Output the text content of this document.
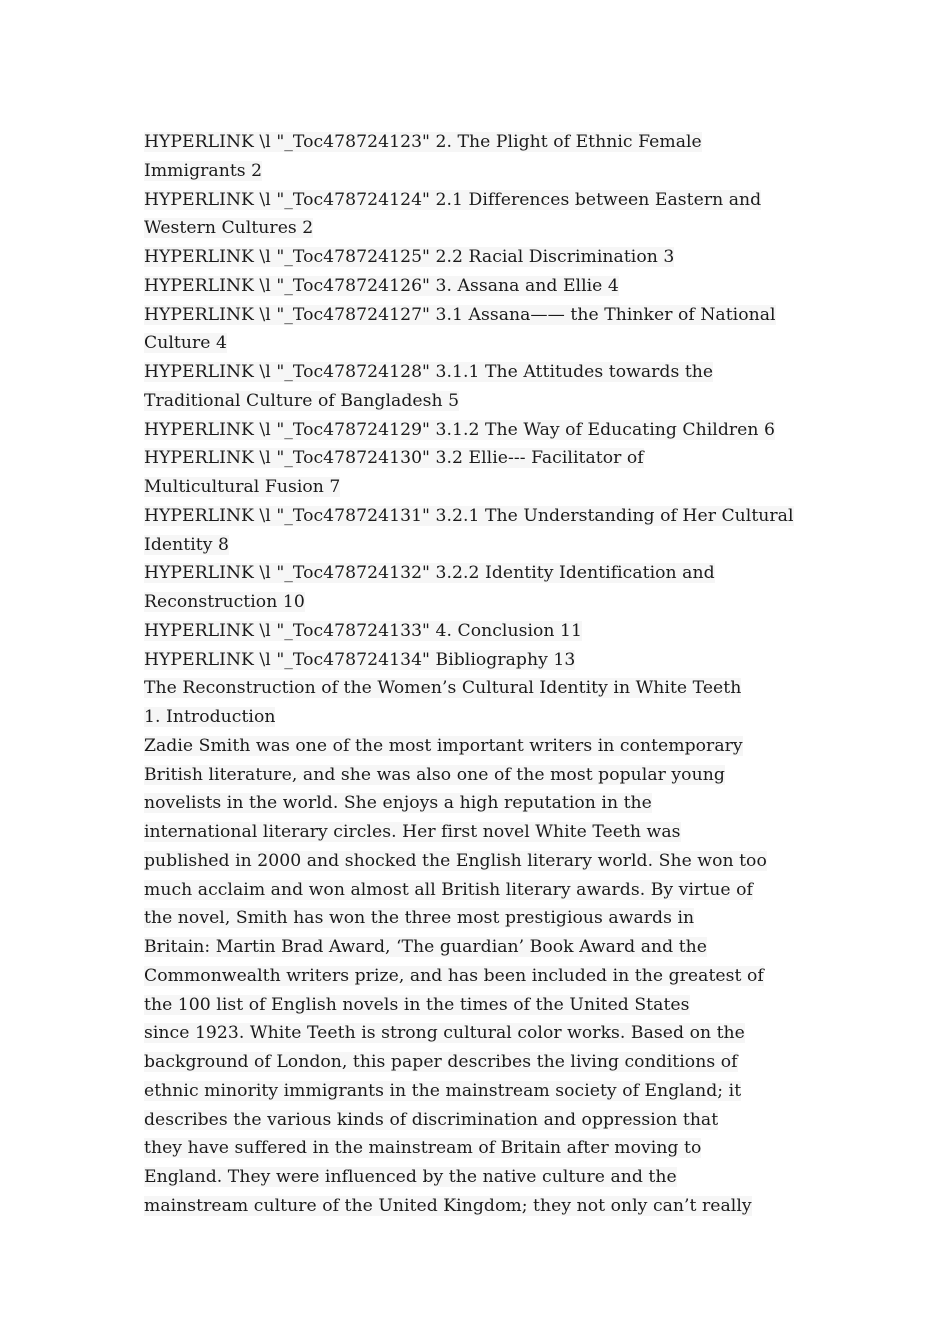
HYPERLINK \l "_Toc478724123" 2. The Plight of Ethnic Female
Immigrants 2
HYPERLINK \l "_Toc478724124" 2.1 Differences between Eastern and
Western Cultures 2
HYPERLINK \l "_Toc478724125" 2.2 Racial Discrimination 3
HYPERLINK \l "_Toc478724126" 3. Assana and Ellie 4
HYPERLINK \l "_Toc478724127" 3.1 Assana—— the Thinker of National
Culture 4
HYPERLINK \l "_Toc478724128" 3.1.1 The Attitudes towards the
Traditional Culture of Bangladesh 5
HYPERLINK \l "_Toc478724129" 3.1.2 The Way of Educating Children 6
HYPERLINK \l "_Toc478724130" 3.2 Ellie--- Facilitator of
Multicultural Fusion 7
HYPERLINK \l "_Toc478724131" 3.2.1 The Understanding of Her Cultural
Identity 8
HYPERLINK \l "_Toc478724132" 3.2.2 Identity Identification and
Reconstruction 10
HYPERLINK \l "_Toc478724133" 4. Conclusion 11
HYPERLINK \l "_Toc478724134" Bibliography 13
The Reconstruction of the Women’s Cultural Identity in White Teeth
1. Introduction
Zadie Smith was one of the most important writers in contemporary
British literature, and she was also one of the most popular young
novelists in the world. She enjoys a high reputation in the
international literary circles. Her first novel White Teeth was
published in 2000 and shocked the English literary world. She won too
much acclaim and won almost all British literary awards. By virtue of
the novel, Smith has won the three most prestigious awards in
Britain: Martin Brad Award, ‘The guardian’ Book Award and the
Commonwealth writers prize, and has been included in the greatest of
the 100 list of English novels in the times of the United States
since 1923. White Teeth is strong cultural color works. Based on the
background of London, this paper describes the living conditions of
ethnic minority immigrants in the mainstream society of England; it
describes the various kinds of discrimination and oppression that
they have suffered in the mainstream of Britain after moving to
England. They were influenced by the native culture and the
mainstream culture of the United Kingdom; they not only can’t really
